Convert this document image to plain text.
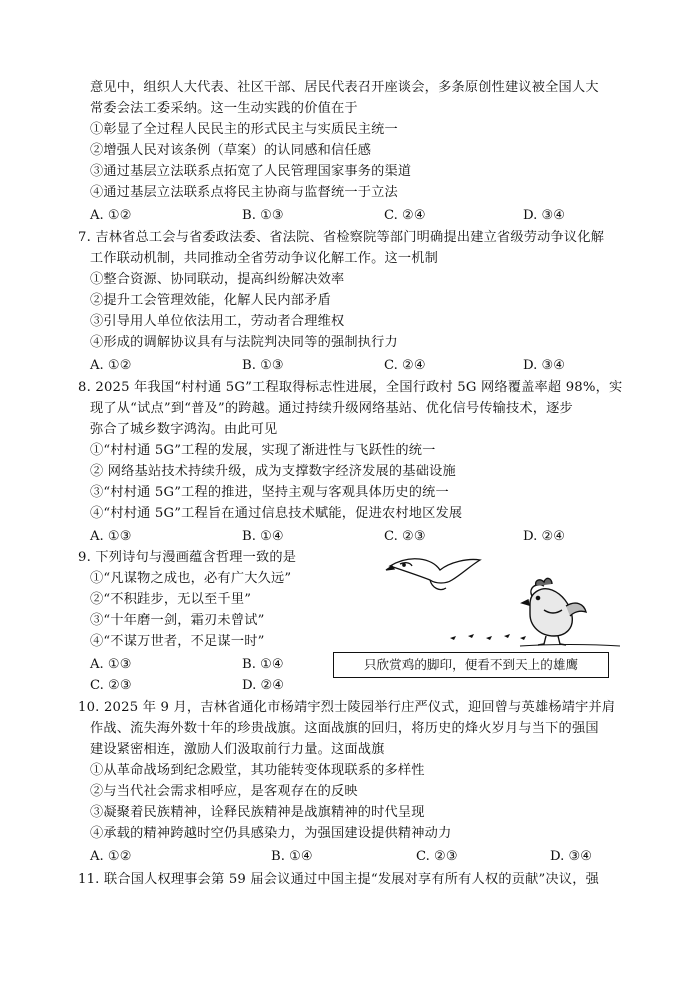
意见中，组织人大代表、社区干部、居民代表召开座谈会，多条原创性建议被全国人大
常委会法工委采纳。这一生动实践的价值在于
①彰显了全过程人民民主的形式民主与实质民主统一
②增强人民对该条例（草案）的认同感和信任感
③通过基层立法联系点拓宽了人民管理国家事务的渠道
④通过基层立法联系点将民主协商与监督统一于立法
A. ①②	B. ①③	C. ②④	D. ③④
7. 吉林省总工会与省委政法委、省法院、省检察院等部门明确提出建立省级劳动争议化解
工作联动机制，共同推动全省劳动争议化解工作。这一机制
①整合资源、协同联动，提高纠纷解决效率
②提升工会管理效能，化解人民内部矛盾
③引导用人单位依法用工，劳动者合理维权
④形成的调解协议具有与法院判决同等的强制执行力
A. ①②	B. ①③	C. ②④	D. ③④
8. 2025 年我国“村村通 5G”工程取得标志性进展，全国行政村 5G 网络覆盖率超 98%，实
现了从“试点”到“普及”的跨越。通过持续升级网络基站、优化信号传输技术，逐步
弥合了城乡数字鸿沟。由此可见
①“村村通 5G”工程的发展，实现了渐进性与飞跃性的统一
② 网络基站技术持续升级，成为支撑数字经济发展的基础设施
③“村村通 5G”工程的推进，坚持主观与客观具体历史的统一
④“村村通 5G”工程旨在通过信息技术赋能，促进农村地区发展
A. ①③	B. ①④	C. ②③	D. ②④
9. 下列诗句与漫画蕴含哲理一致的是
①“凡谋物之成也，必有广大久远”
②“不积跬步，无以至千里”
③“十年磨一剑，霜刃未曾试”
④“不谋万世者，不足谋一时”
A. ①③	B. ①④
C. ②③	D. ②④
只欣赏鸡的脚印，便看不到天上的雄鹰
10. 2025 年 9 月，吉林省通化市杨靖宇烈士陵园举行庄严仪式，迎回曾与英雄杨靖宇并肩
作战、流失海外数十年的珍贵战旗。这面战旗的回归，将历史的烽火岁月与当下的强国
建设紧密相连，激励人们汲取前行力量。这面战旗
①从革命战场到纪念殿堂，其功能转变体现联系的多样性
②与当代社会需求相呼应，是客观存在的反映
③凝聚着民族精神，诠释民族精神是战旗精神的时代呈现
④承载的精神跨越时空仍具感染力，为强国建设提供精神动力
A. ①②	B. ①④	C. ②③	D. ③④
11. 联合国人权理事会第 59 届会议通过中国主提“发展对享有所有人权的贡献”决议，强
